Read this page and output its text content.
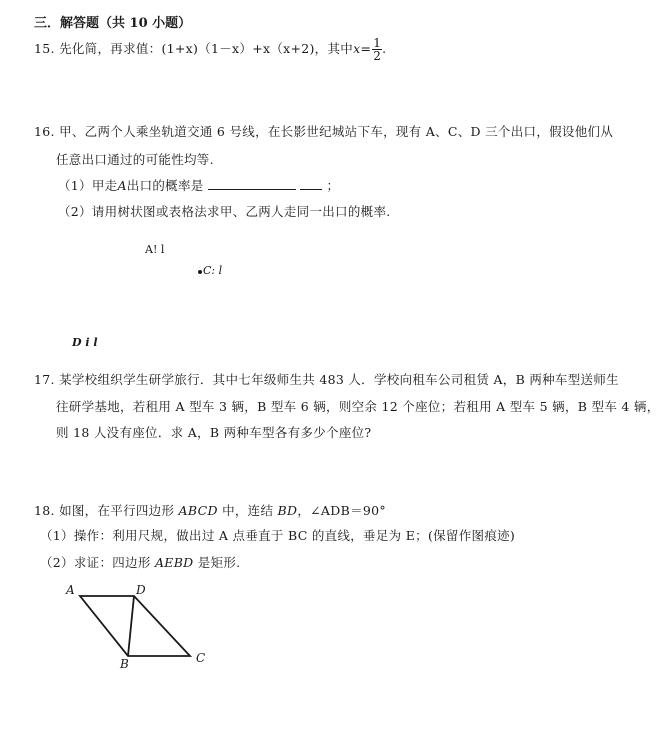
三．解答题（共 10 小题）
15. 先化简，再求值：(1+x)（1－x）+x（x+2)，其中$x= \frac{1}{2}$ .
16. 甲、乙两个人乘坐轨道交通 6 号线，在长影世纪城站下车，现有 A、C、D 三个出口，假设他们从
任意出口通过的可能性均等.
（1）甲走A出口的概率是	；
（2）请用树状图或表格法求甲、乙两人走同一出口的概率.
A! l
C: l
D i l
17. 某学校组织学生研学旅行．其中七年级师生共 483 人．学校向租车公司租赁 A，B 两种车型送师生
往研学基地，若租用 A 型车 3 辆，B 型车 6 辆，则空余 12 个座位；若租用 A 型车 5 辆，B 型车 4 辆，
则 18 人没有座位．求 A，B 两种车型各有多少个座位?
18. 如图，在平行四边形 ABCD 中，连结 BD，∠ADB＝90°
（1）操作：利用尺规，做出过 A 点垂直于 BC 的直线，垂足为 E；(保留作图痕迹)
（2）求证：四边形 AEBD 是矩形.
A	D
B	C
